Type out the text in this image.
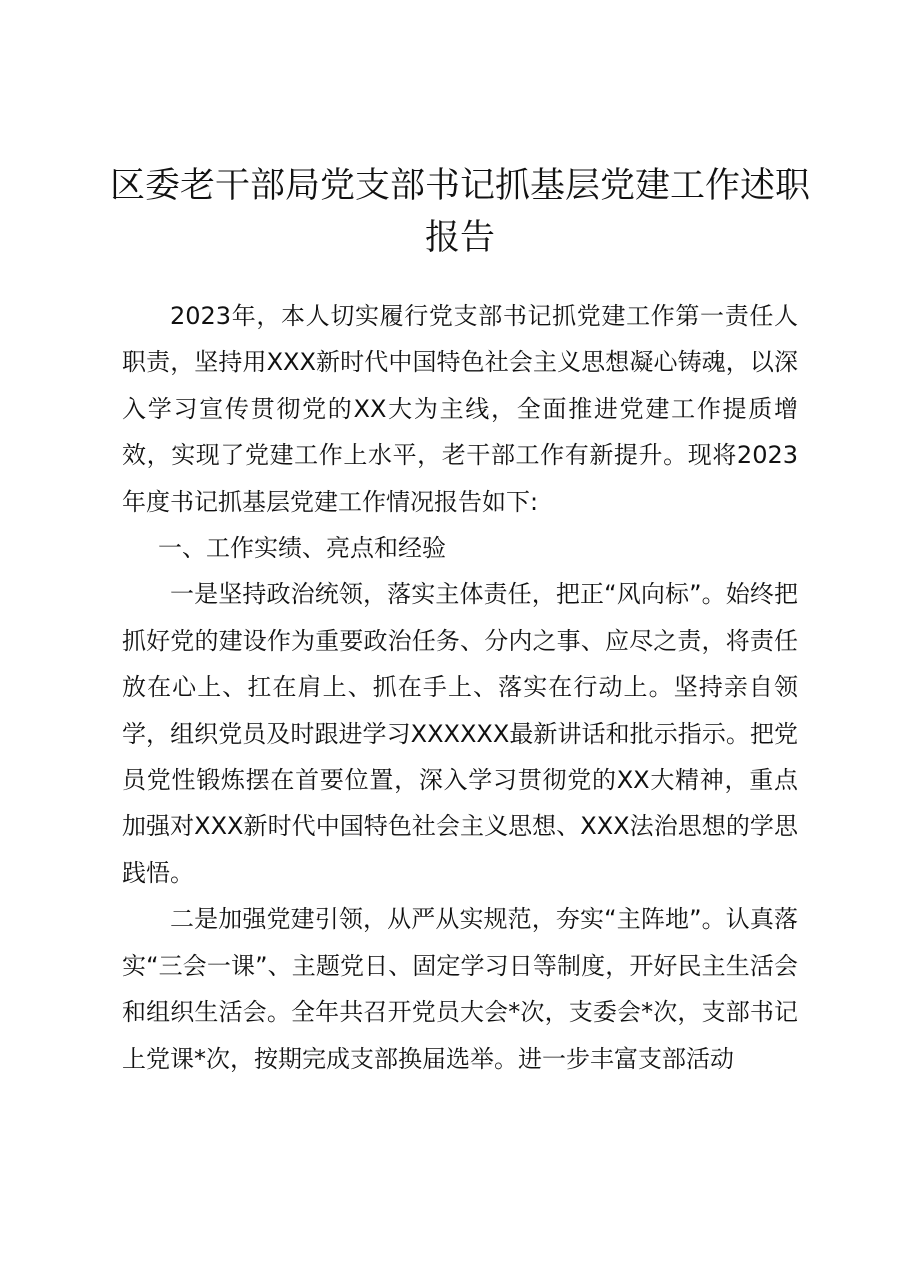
区委老干部局党支部书记抓基层党建工作述职
报告

2023年，本人切实履行党支部书记抓党建工作第一责任人职责，坚持用XXX新时代中国特色社会主义思想凝心铸魂，以深入学习宣传贯彻党的XX大为主线，全面推进党建工作提质增效，实现了党建工作上水平，老干部工作有新提升。现将2023年度书记抓基层党建工作情况报告如下:

一、工作实绩、亮点和经验

一是坚持政治统领，落实主体责任，把正“风向标”。始终把抓好党的建设作为重要政治任务、分内之事、应尽之责，将责任放在心上、扛在肩上、抓在手上、落实在行动上。坚持亲自领学，组织党员及时跟进学习XXXXXX最新讲话和批示指示。把党员党性锻炼摆在首要位置，深入学习贯彻党的XX大精神，重点加强对XXX新时代中国特色社会主义思想、XXX法治思想的学思践悟。

二是加强党建引领，从严从实规范，夯实“主阵地”。认真落实“三会一课”、主题党日、固定学习日等制度，开好民主生活会和组织生活会。全年共召开党员大会*次，支委会*次，支部书记上党课*次，按期完成支部换届选举。进一步丰富支部活动
